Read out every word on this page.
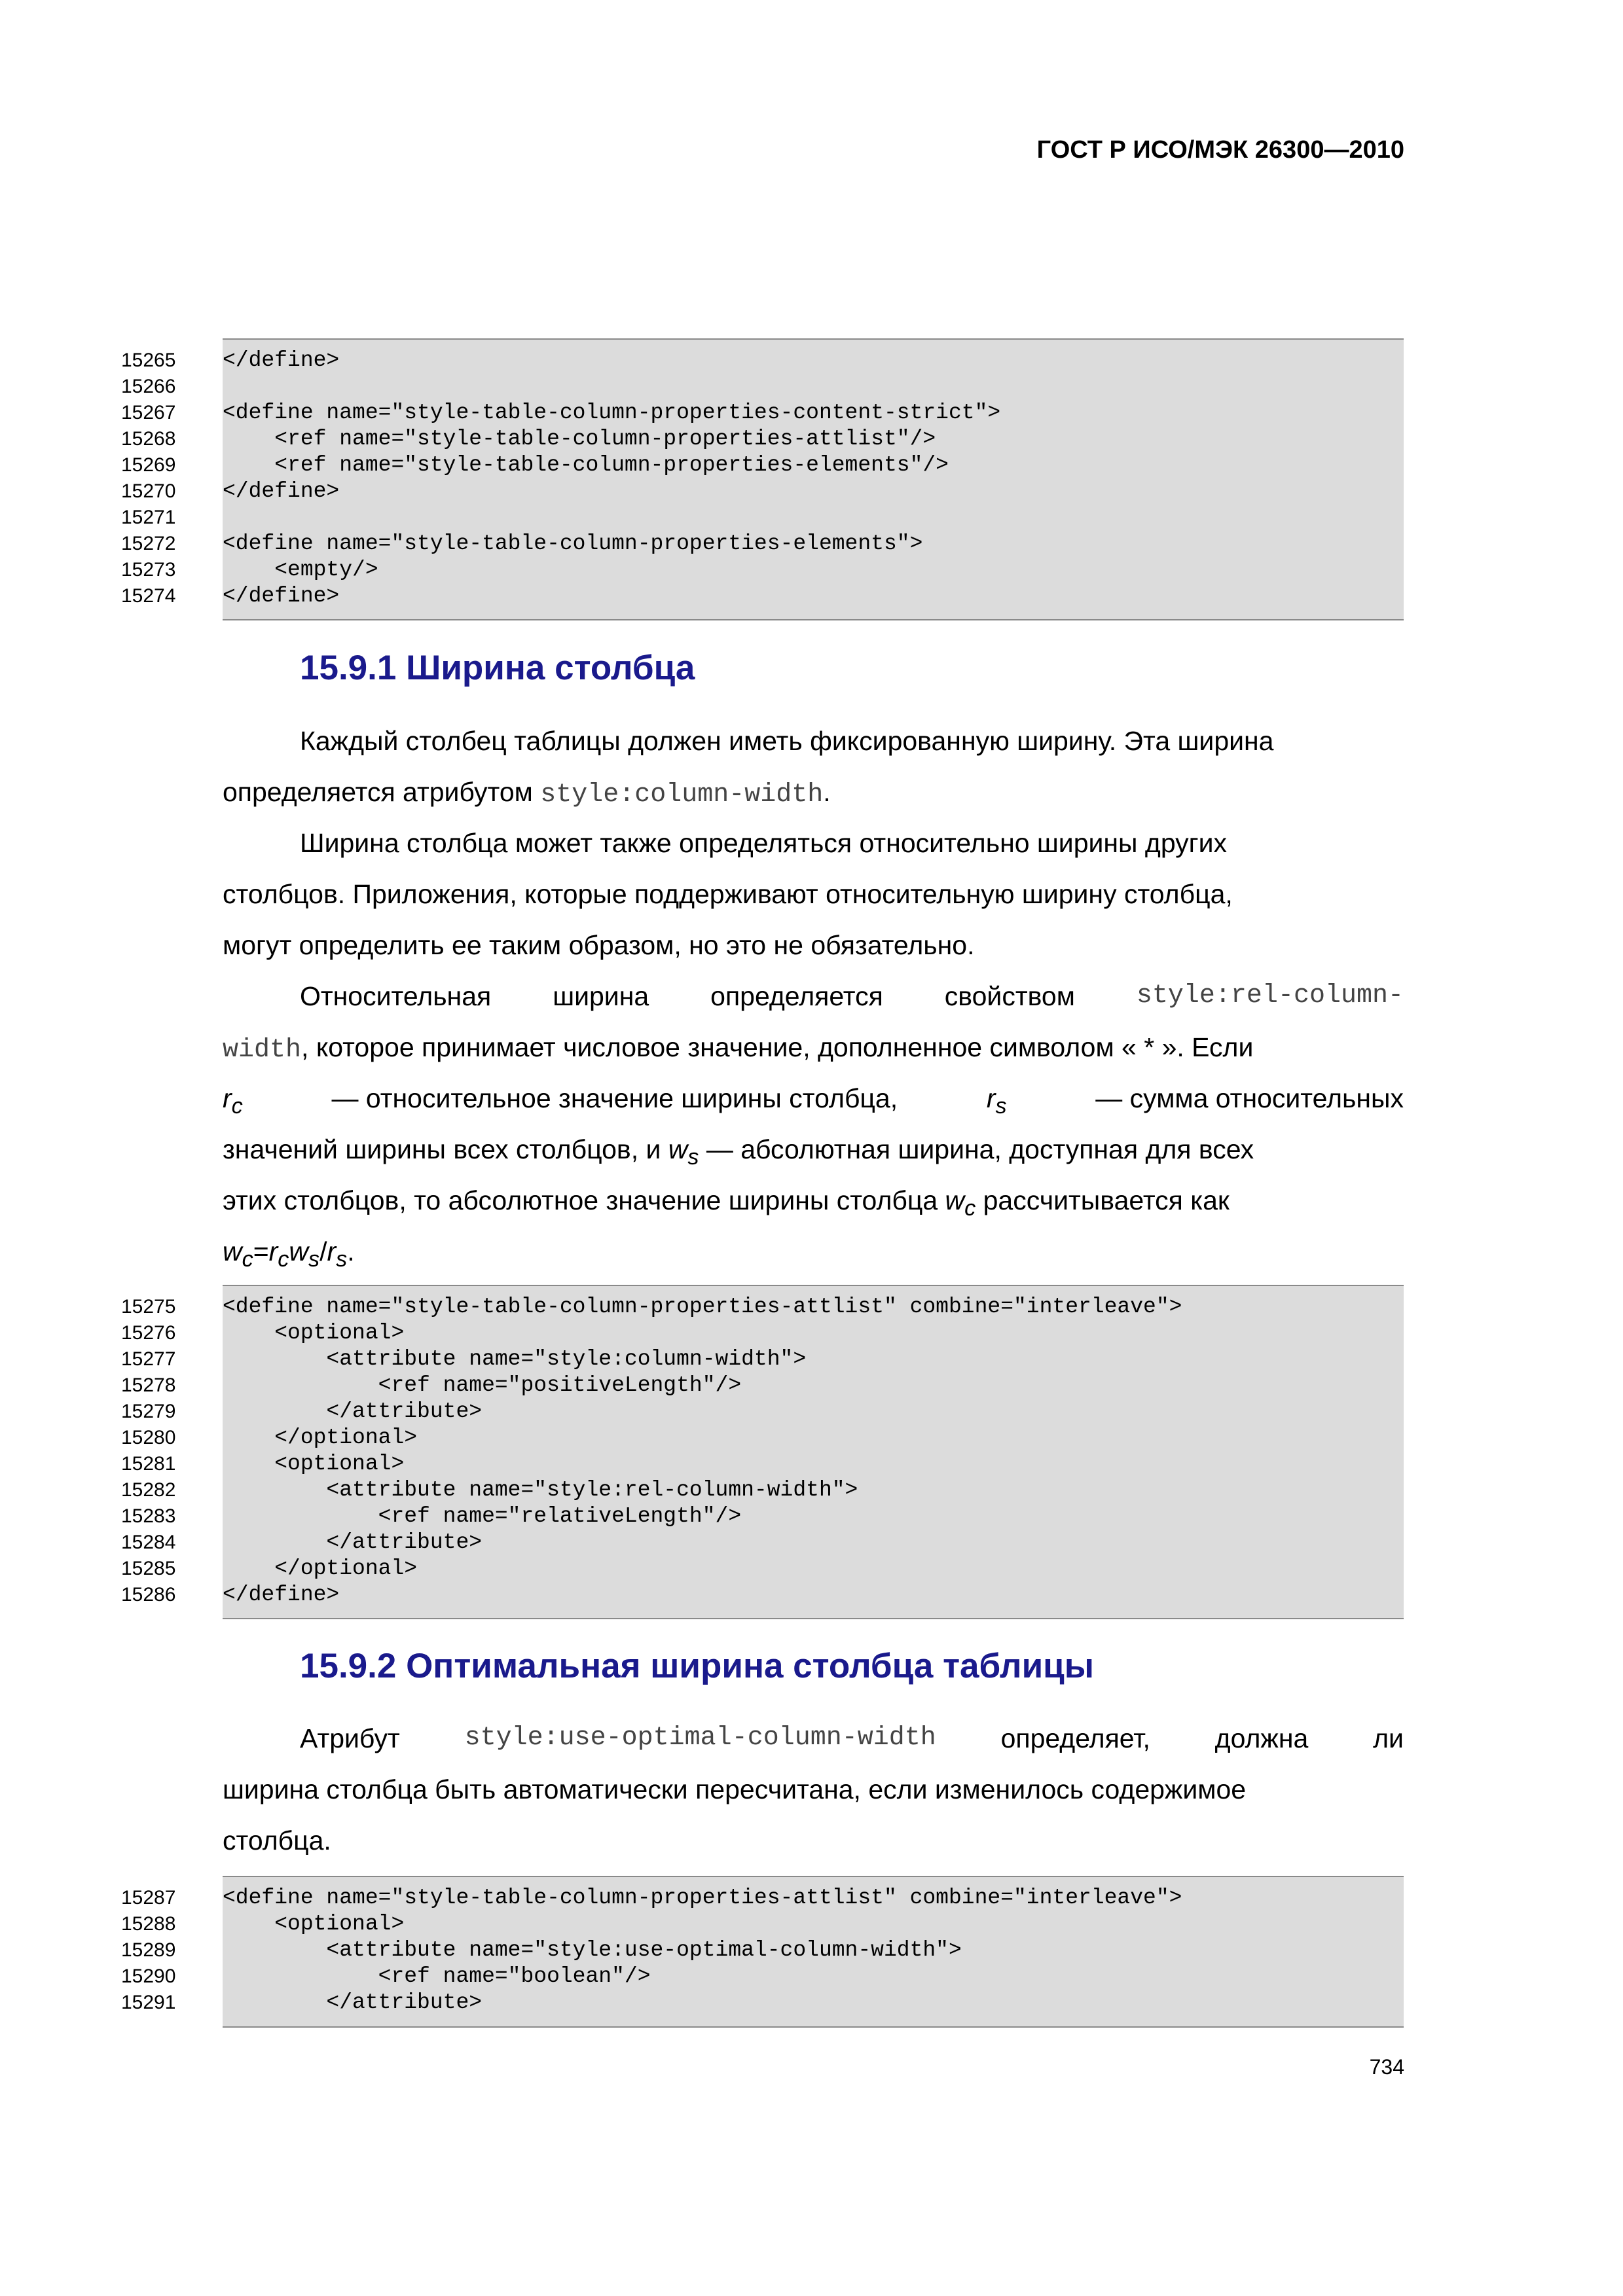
ГОСТ Р ИСО/МЭК 26300—2010
15265	</define>
15266
15267	<define name="style-table-column-properties-content-strict">
15268	<ref name="style-table-column-properties-attlist"/>
15269	<ref name="style-table-column-properties-elements"/>
15270	</define>
15271
15272	<define name="style-table-column-properties-elements">
15273	<empty/>
15274	</define>
15.9.1 Ширина столбца
Каждый столбец таблицы должен иметь фиксированную ширину. Эта ширина
определяется атрибутом style:column-width.
Ширина столбца может также определяться относительно ширины других
столбцов. Приложения, которые поддерживают относительную ширину столбца,
могут определить ее таким образом, но это не обязательно.
Относительная ширина определяется свойством style:rel-column-
width, которое принимает числовое значение, дополненное символом « * ». Если
$r_c$	— относительное значение ширины столбца,	$r_s$	— сумма относительных
значений ширины всех столбцов, и $w_s$ — абсолютная ширина, доступная для всех
этих столбцов, то абсолютное значение ширины столбца $w_c$ рассчитывается как
$w_c=r_cw_s/r_s$.
15275	<define name="style-table-column-properties-attlist" combine="interleave">
15276	<optional>
15277	<attribute name="style:column-width">
15278	<ref name="positiveLength"/>
15279	</attribute>
15280	</optional>
15281	<optional>
15282	<attribute name="style:rel-column-width">
15283	<ref name="relativeLength"/>
15284	</attribute>
15285	</optional>
15286	</define>
15.9.2 Оптимальная ширина столбца таблицы
Атрибут style:use-optimal-column-width определяет, должна ли
ширина столбца быть автоматически пересчитана, если изменилось содержимое
столбца.
15287	<define name="style-table-column-properties-attlist" combine="interleave">
15288	<optional>
15289	<attribute name="style:use-optimal-column-width">
15290	<ref name="boolean"/>
15291	</attribute>
734
